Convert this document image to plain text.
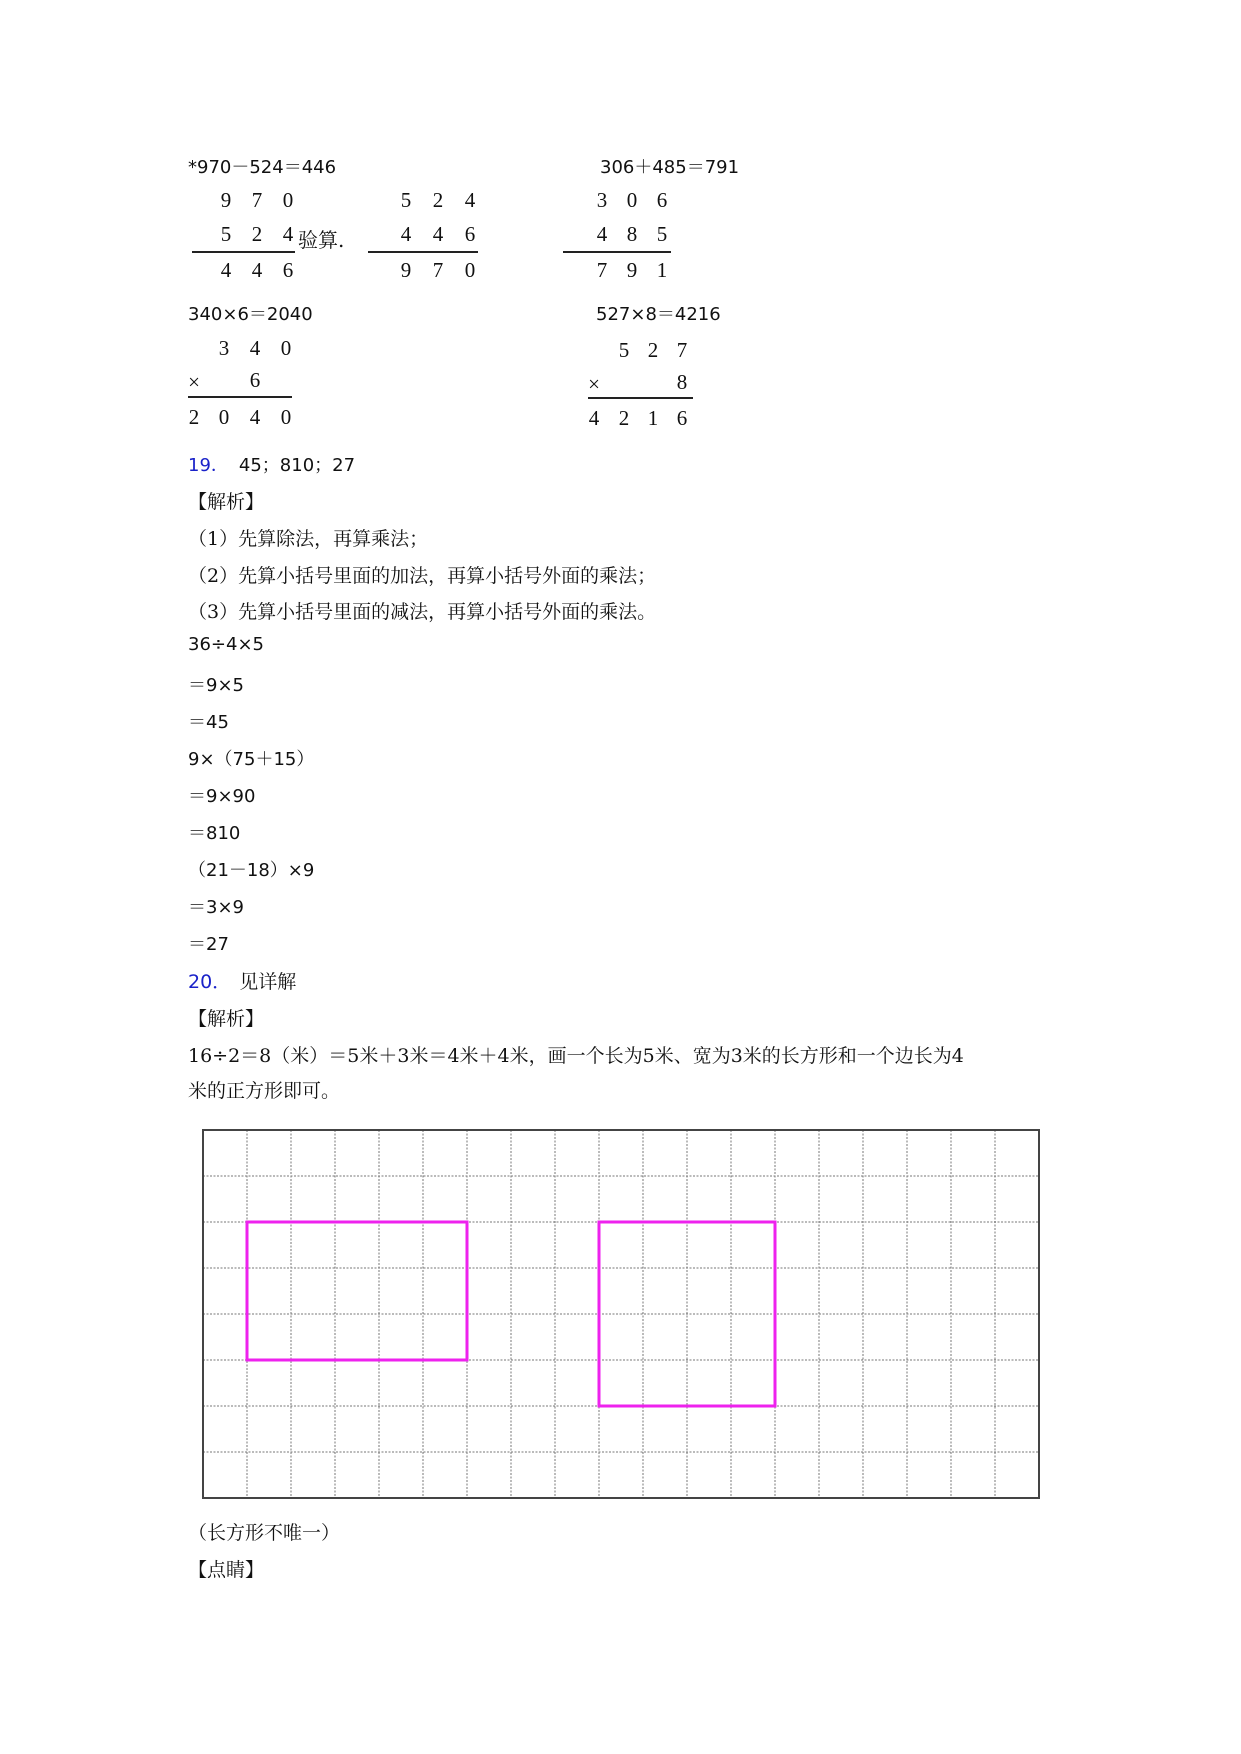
*970－524＝446	306＋485＝791
9 7 0
5 2 4
4 4 6
验算.
5 2 4
4 4 6
9 7 0
3 0 6
4 8 5
7 9 1
340×6＝2040	527×8＝4216
3 4 0
× 6
2 0 4 0
5 2 7
×	8
4 2 1 6
19． 45；810；27
【解析】
（1）先算除法，再算乘法；
（2）先算小括号里面的加法，再算小括号外面的乘法；
（3）先算小括号里面的减法，再算小括号外面的乘法。
36÷4×5
＝9×5
＝45
9×（75＋15）
＝9×90
＝810
（21－18）×9
＝3×9
＝27
20． 见详解
【解析】
16÷2＝8（米）＝5米＋3米＝4米＋4米，画一个长为5米、宽为3米的长方形和一个边长为4
米的正方形即可。
（长方形不唯一）
【点睛】
